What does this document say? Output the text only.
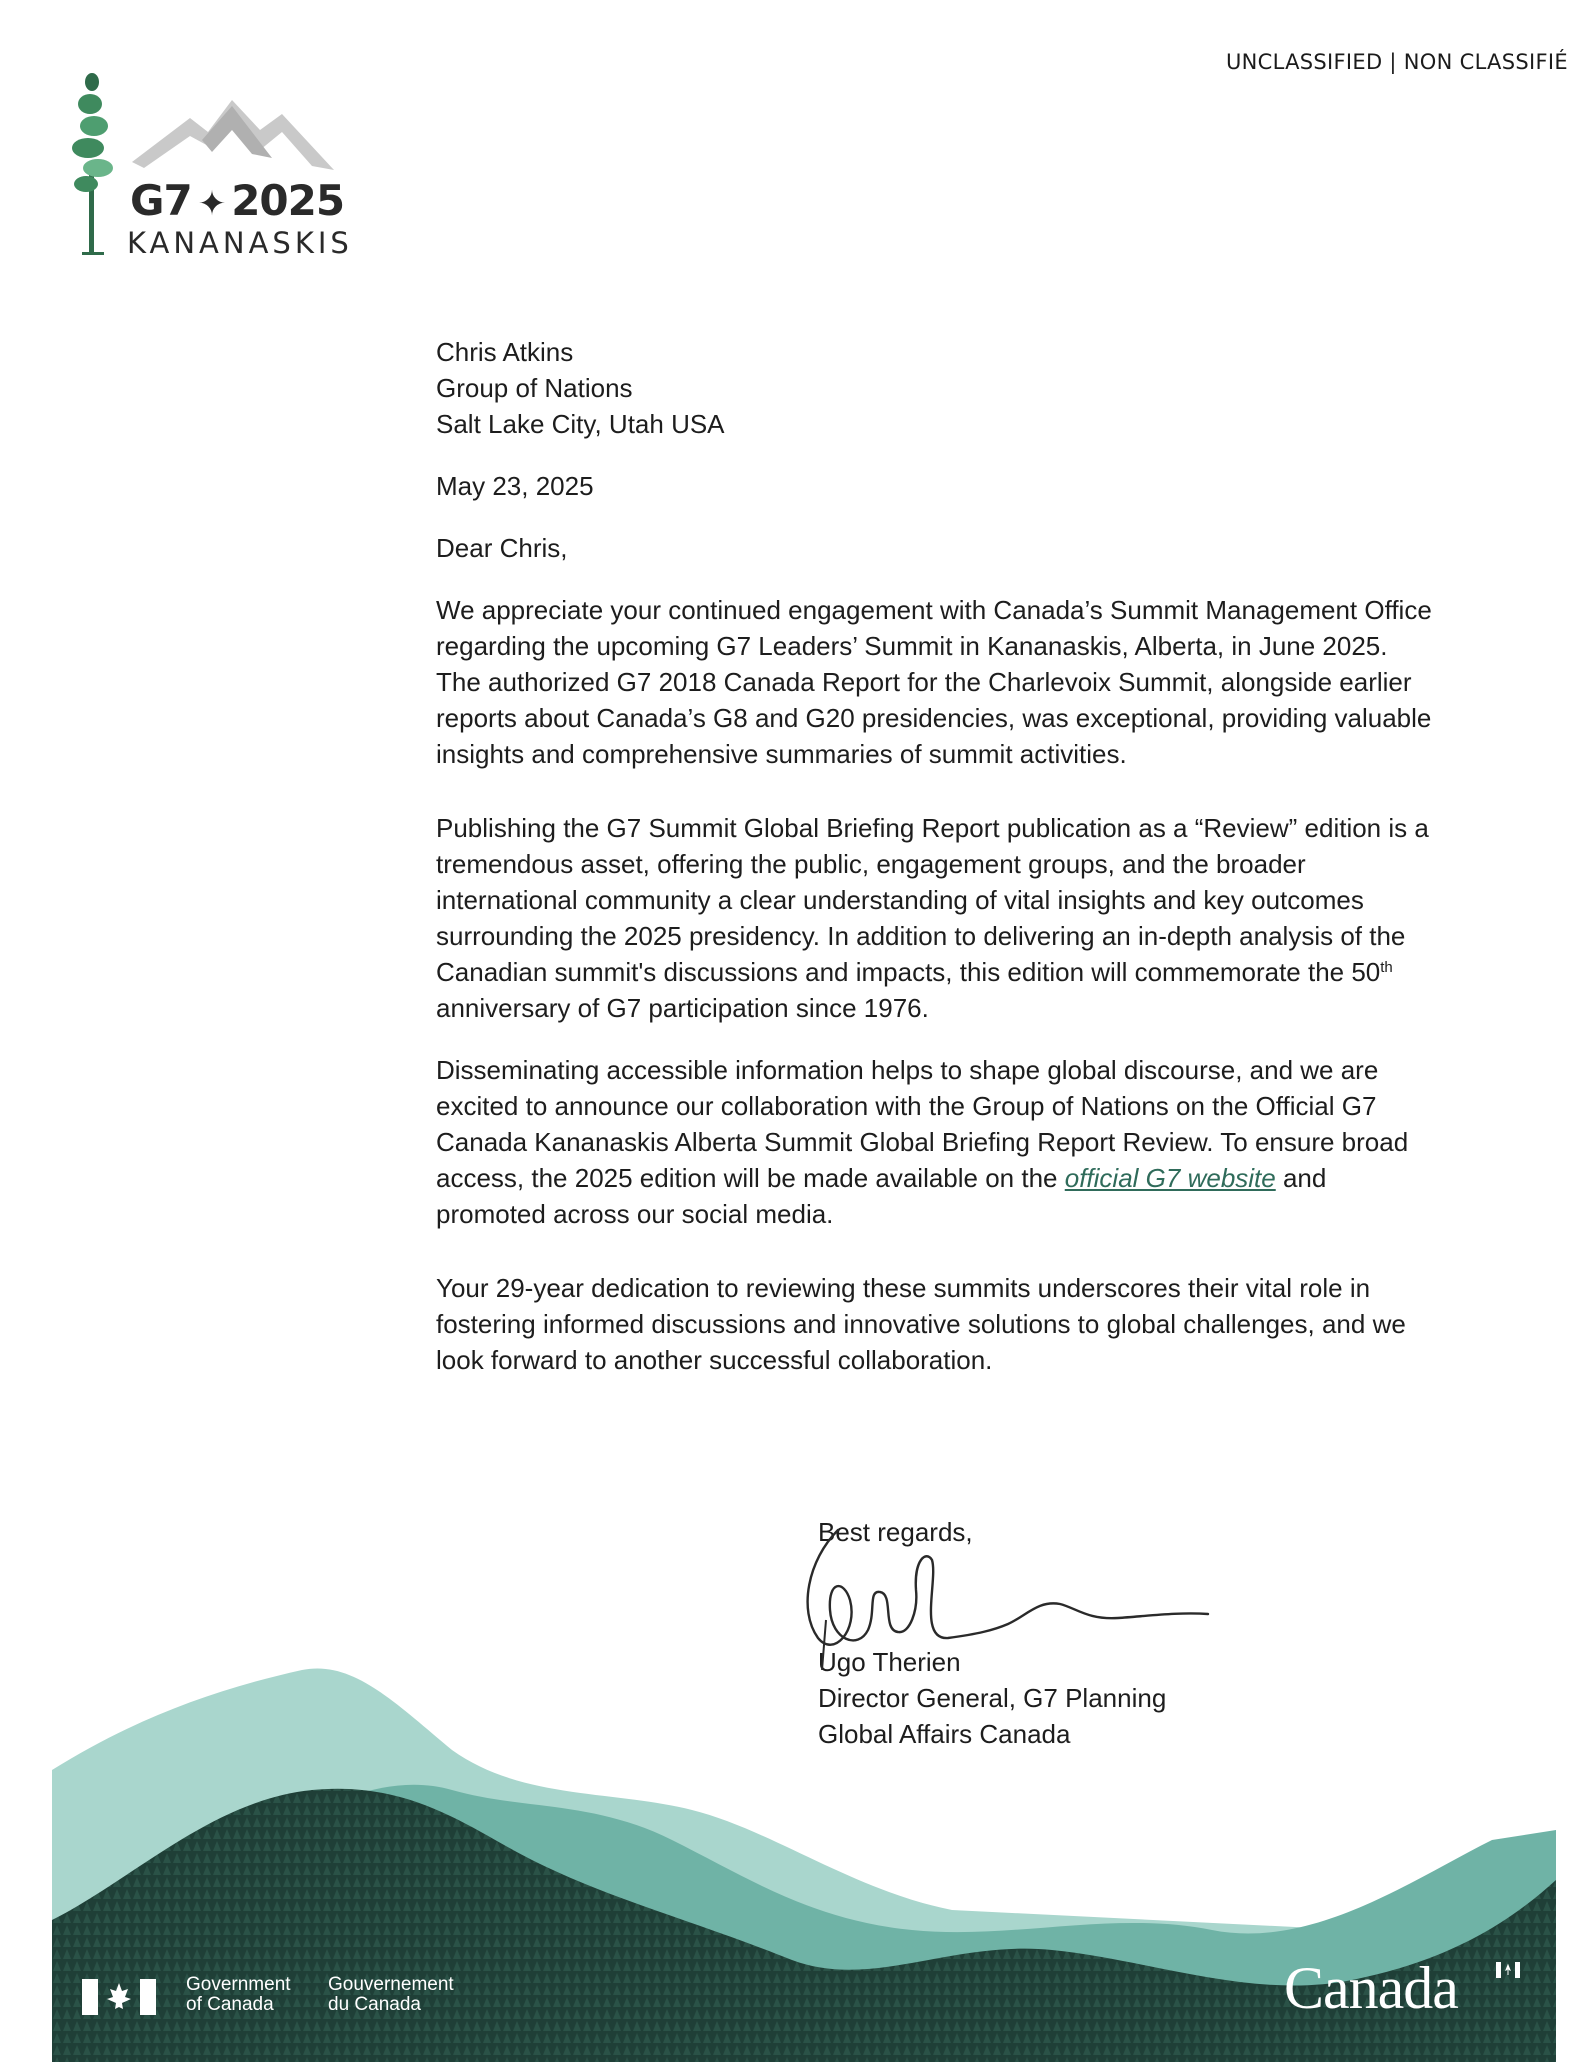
UNCLASSIFIED | NON CLASSIFIÉ
G7 ✦ 2025
KANANASKIS

Chris Atkins
Group of Nations
Salt Lake City, Utah USA

May 23, 2025

Dear Chris,

We appreciate your continued engagement with Canada’s Summit Management Office regarding the upcoming G7 Leaders’ Summit in Kananaskis, Alberta, in June 2025. The authorized G7 2018 Canada Report for the Charlevoix Summit, alongside earlier reports about Canada’s G8 and G20 presidencies, was exceptional, providing valuable insights and comprehensive summaries of summit activities.

Publishing the G7 Summit Global Briefing Report publication as a “Review” edition is a tremendous asset, offering the public, engagement groups, and the broader international community a clear understanding of vital insights and key outcomes surrounding the 2025 presidency. In addition to delivering an in-depth analysis of the Canadian summit's discussions and impacts, this edition will commemorate the 50th anniversary of G7 participation since 1976.

Disseminating accessible information helps to shape global discourse, and we are excited to announce our collaboration with the Group of Nations on the Official G7 Canada Kananaskis Alberta Summit Global Briefing Report Review. To ensure broad access, the 2025 edition will be made available on the official G7 website and promoted across our social media.

Your 29-year dedication to reviewing these summits underscores their vital role in fostering informed discussions and innovative solutions to global challenges, and we look forward to another successful collaboration.

Best regards,
Ugo Therien
Director General, G7 Planning
Global Affairs Canada
Government
of Canada
Gouvernement
du Canada	Canada
